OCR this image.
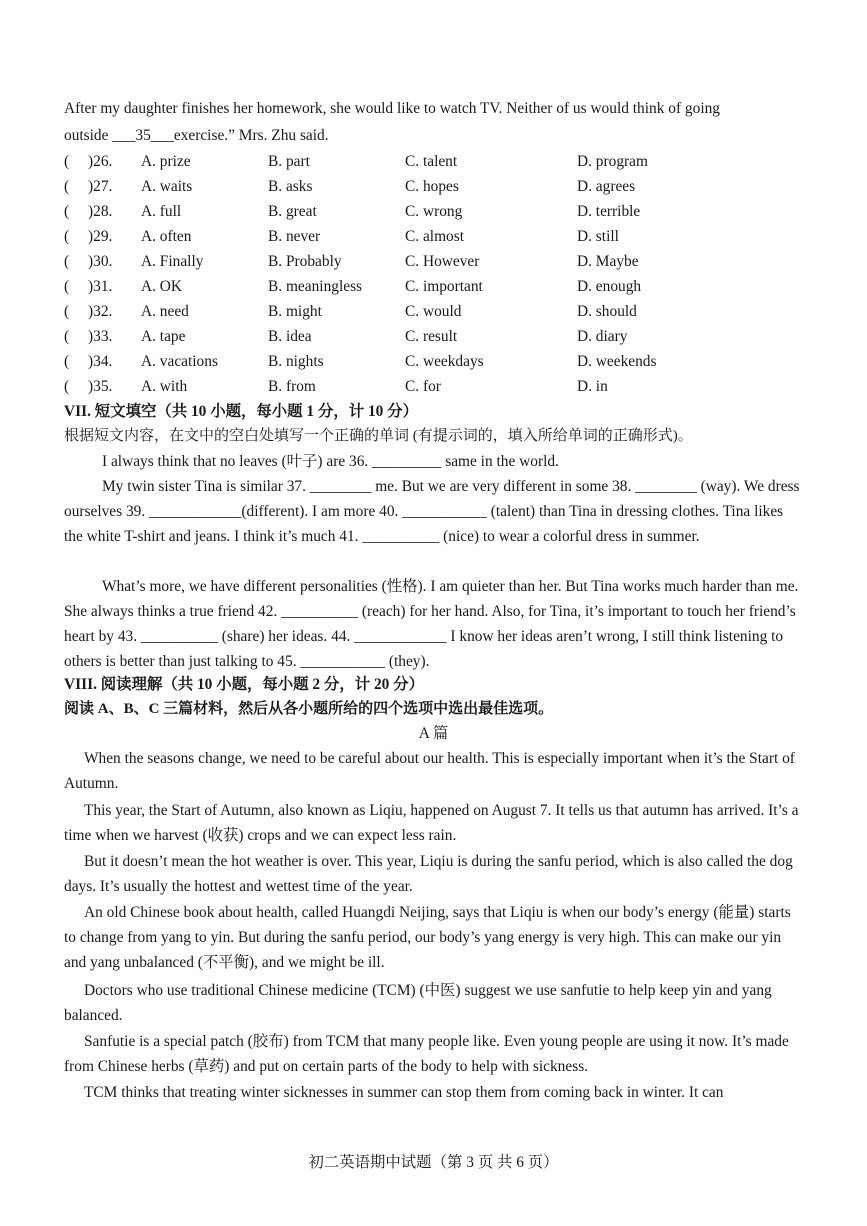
After my daughter finishes her homework, she would like to watch TV. Neither of us would think of going

outside ___35___exercise.” Mrs. Zhu said.

( )26. A. prize	B. part	C. talent	D. program
( )27. A. waits	B. asks	C. hopes	D. agrees
( )28. A. full	B. great	C. wrong	D. terrible
( )29. A. often	B. never	C. almost	D. still
( )30. A. Finally	B. Probably	C. However	D. Maybe
( )31. A. OK	B. meaningless	C. important	D. enough
( )32. A. need	B. might	C. would	D. should
( )33. A. tape	B. idea	C. result	D. diary
( )34. A. vacations	B. nights	C. weekdays	D. weekends
( )35. A. with	B. from	C. for	D. in
VII. 短文填空（共 10 小题，每小题 1 分，计 10 分）
根据短文内容，在文中的空白处填写一个正确的单词 (有提示词的，填入所给单词的正确形式)。

I always think that no leaves (叶子) are 36. _________ same in the world.

My twin sister Tina is similar 37. ________ me. But we are very different in some 38. ________ (way). We dress ourselves 39. ____________(different). I am more 40. ___________ (talent) than Tina in dressing clothes. Tina likes the white T-shirt and jeans. I think it’s much 41. __________ (nice) to wear a colorful dress in summer.

What’s more, we have different personalities (性格). I am quieter than her. But Tina works much harder than me. She always thinks a true friend 42. __________ (reach) for her hand. Also, for Tina, it’s important to touch her friend’s heart by 43. __________ (share) her ideas. 44. ____________ I know her ideas aren’t wrong, I still think listening to others is better than just talking to 45. ___________ (they).

VIII. 阅读理解（共 10 小题，每小题 2 分，计 20 分）
阅读 A、B、C 三篇材料，然后从各小题所给的四个选项中选出最佳选项。
A 篇

When the seasons change, we need to be careful about our health. This is especially important when it’s the Start of Autumn.

This year, the Start of Autumn, also known as Liqiu, happened on August 7. It tells us that autumn has arrived. It’s a time when we harvest (收获) crops and we can expect less rain.

But it doesn’t mean the hot weather is over. This year, Liqiu is during the sanfu period, which is also called the dog days. It’s usually the hottest and wettest time of the year.

An old Chinese book about health, called Huangdi Neijing, says that Liqiu is when our body’s energy (能量) starts to change from yang to yin. But during the sanfu period, our body’s yang energy is very high. This can make our yin and yang unbalanced (不平衡), and we might be ill.

Doctors who use traditional Chinese medicine (TCM) (中医) suggest we use sanfutie to help keep yin and yang balanced.

Sanfutie is a special patch (胶布) from TCM that many people like. Even young people are using it now. It’s made from Chinese herbs (草药) and put on certain parts of the body to help with sickness.

TCM thinks that treating winter sicknesses in summer can stop them from coming back in winter. It can

初二英语期中试题（第 3 页 共 6 页）
